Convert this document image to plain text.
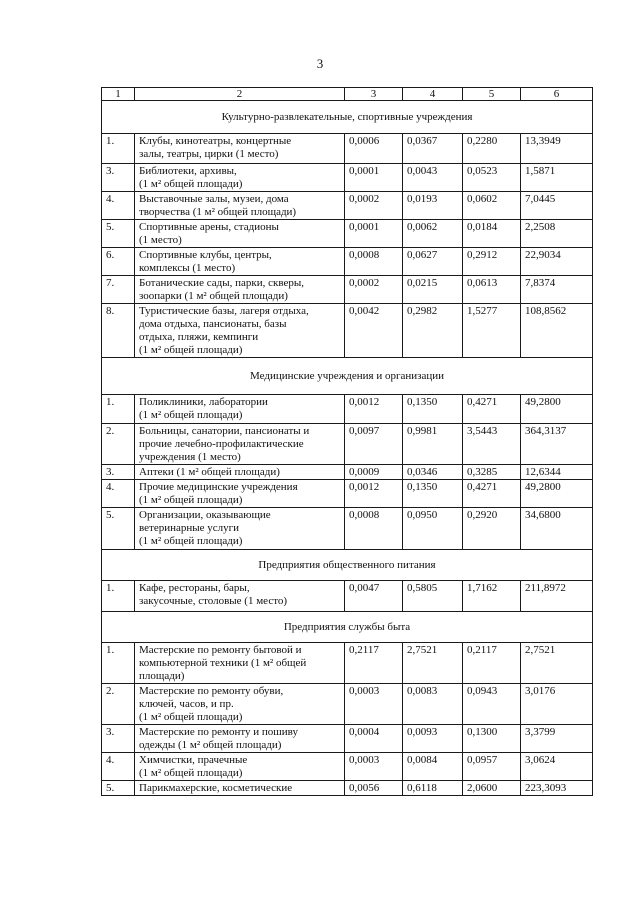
3
1	2	3	4	5	6
Культурно-развлекательные, спортивные учреждения					
1.	Клубы, кинотеатры, концертные
залы, театры, цирки (1 место)	0,0006	0,0367	0,2280	13,3949
3.	Библиотеки, архивы,
(1 м² общей площади)	0,0001	0,0043	0,0523	1,5871
4.	Выставочные залы, музеи, дома
творчества (1 м² общей площади)	0,0002	0,0193	0,0602	7,0445
5.	Спортивные арены, стадионы
(1 место)	0,0001	0,0062	0,0184	2,2508
6.	Спортивные клубы, центры,
комплексы (1 место)	0,0008	0,0627	0,2912	22,9034
7.	Ботанические сады, парки, скверы,
зоопарки (1 м² общей площади)	0,0002	0,0215	0,0613	7,8374
8.	Туристические базы, лагеря отдыха,
дома отдыха, пансионаты, базы
отдыха, пляжи, кемпинги
(1 м² общей площади)	0,0042	0,2982	1,5277	108,8562
Медицинские учреждения и организации					
1.	Поликлиники, лаборатории
(1 м² общей площади)	0,0012	0,1350	0,4271	49,2800
2.	Больницы, санатории, пансионаты и
прочие лечебно-профилактические
учреждения (1 место)	0,0097	0,9981	3,5443	364,3137
3.	Аптеки (1 м² общей площади)	0,0009	0,0346	0,3285	12,6344
4.	Прочие медицинские учреждения
(1 м² общей площади)	0,0012	0,1350	0,4271	49,2800
5.	Организации, оказывающие
ветеринарные услуги
(1 м² общей площади)	0,0008	0,0950	0,2920	34,6800
Предприятия общественного питания					
1.	Кафе, рестораны, бары,
закусочные, столовые (1 место)	0,0047	0,5805	1,7162	211,8972
Предприятия службы быта					
1.	Мастерские по ремонту бытовой и
компьютерной техники (1 м² общей
площади)	0,2117	2,7521	0,2117	2,7521
2.	Мастерские по ремонту обуви,
ключей, часов, и пр.
(1 м² общей площади)	0,0003	0,0083	0,0943	3,0176
3.	Мастерские по ремонту и пошиву
одежды (1 м² общей площади)	0,0004	0,0093	0,1300	3,3799
4.	Химчистки, прачечные
(1 м² общей площади)	0,0003	0,0084	0,0957	3,0624
5.	Парикмахерские, косметические	0,0056	0,6118	2,0600	223,3093
